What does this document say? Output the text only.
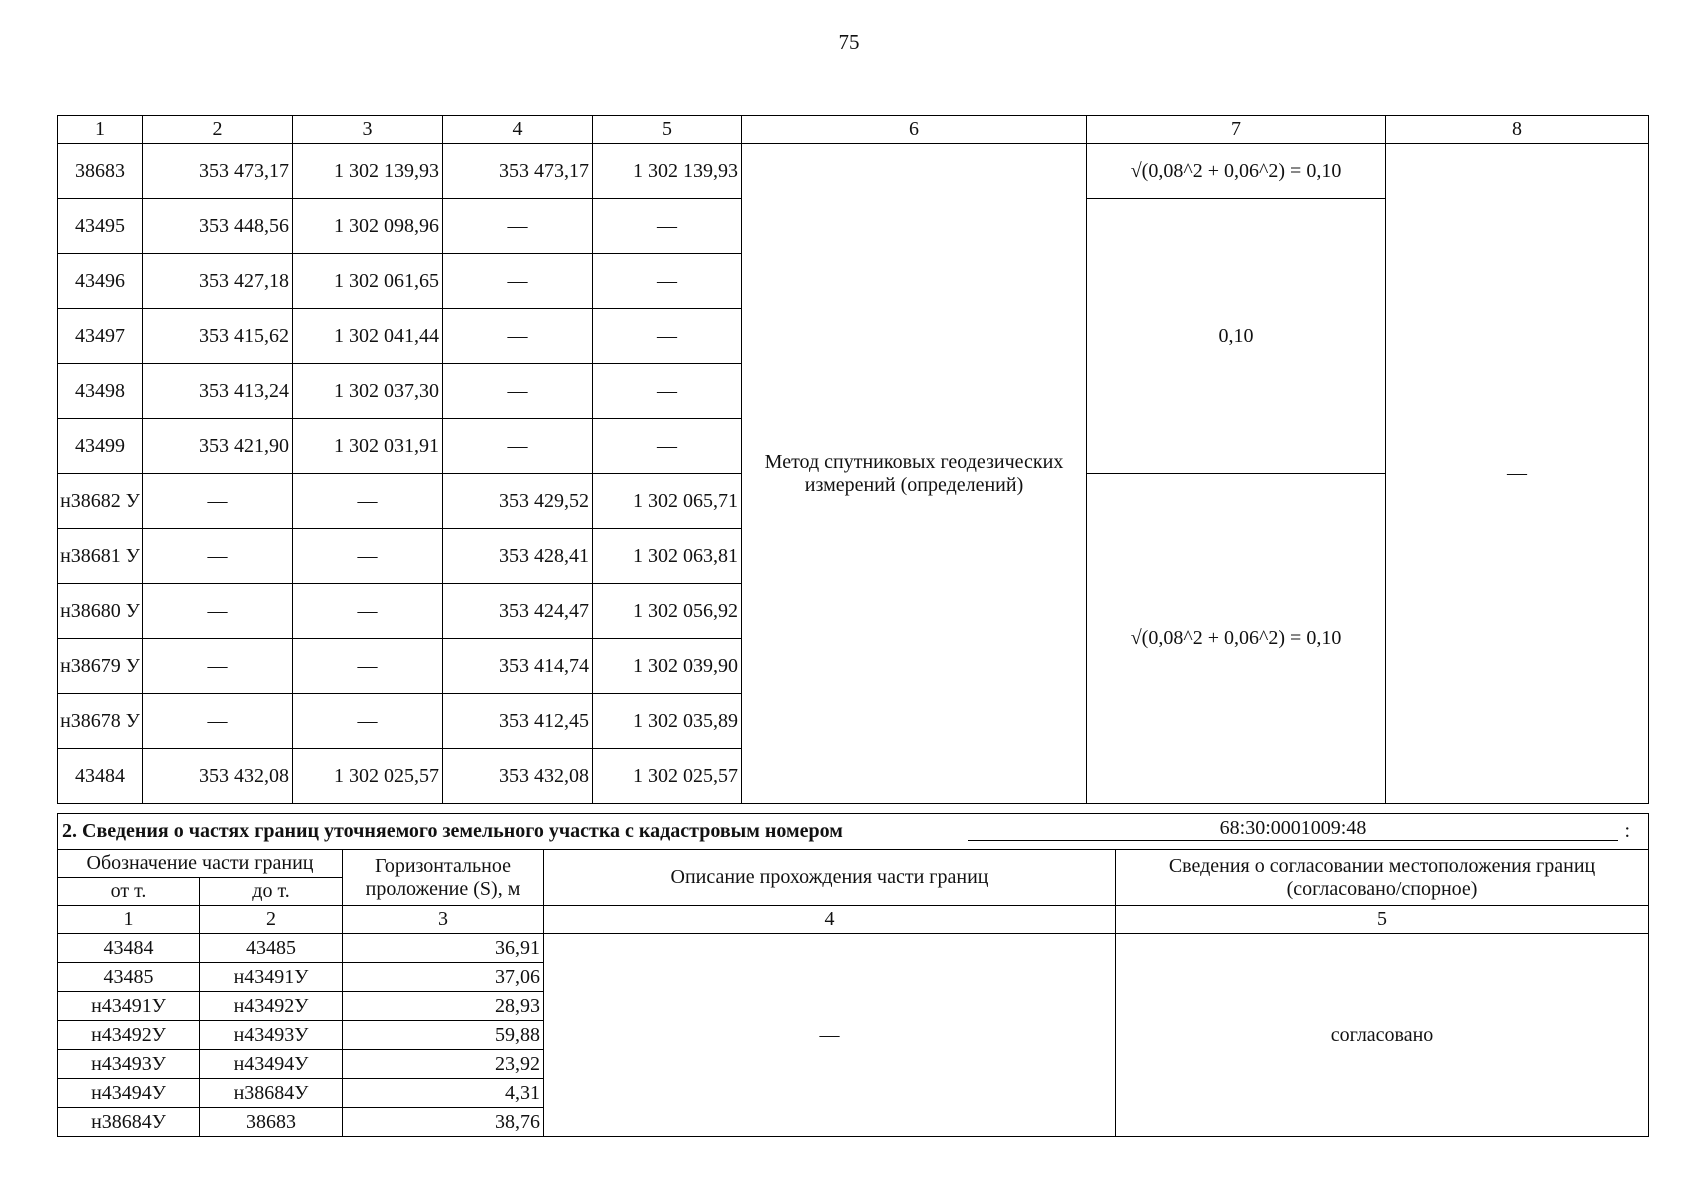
75
1	2	3	4	5	6	7	8
38683	353 473,17	1 302 139,93	353 473,17	1 302 139,93	Метод спутниковых геодезических измерений (определений)	√(0,08^2 + 0,06^2) = 0,10	—
43495	353 448,56	1 302 098,96	—	—		0,10	
43496	353 427,18	1 302 061,65	—	—			
43497	353 415,62	1 302 041,44	—	—			
43498	353 413,24	1 302 037,30	—	—			
43499	353 421,90	1 302 031,91	—	—			
н38682 У	—	—	353 429,52	1 302 065,71		√(0,08^2 + 0,06^2) = 0,10	
н38681 У	—	—	353 428,41	1 302 063,81			
н38680 У	—	—	353 424,47	1 302 056,92			
н38679 У	—	—	353 414,74	1 302 039,90			
н38678 У	—	—	353 412,45	1 302 035,89			
43484	353 432,08	1 302 025,57	353 432,08	1 302 025,57			
2. Сведения о частях границ уточняемого земельного участка с кадастровым номером 68:30:0001009:48 :				

Обозначение части границ		Горизонтальное проложение (S), м	Описание прохождения части границ	Сведения о согласовании местоположения границ (согласовано/спорное)
от т.	до т.			
1	2	3	4	5
43484	43485	36,91	—	согласовано
43485	н43491У	37,06		
н43491У	н43492У	28,93		
н43492У	н43493У	59,88		
н43493У	н43494У	23,92		
н43494У	н38684У	4,31		
н38684У	38683	38,76		
